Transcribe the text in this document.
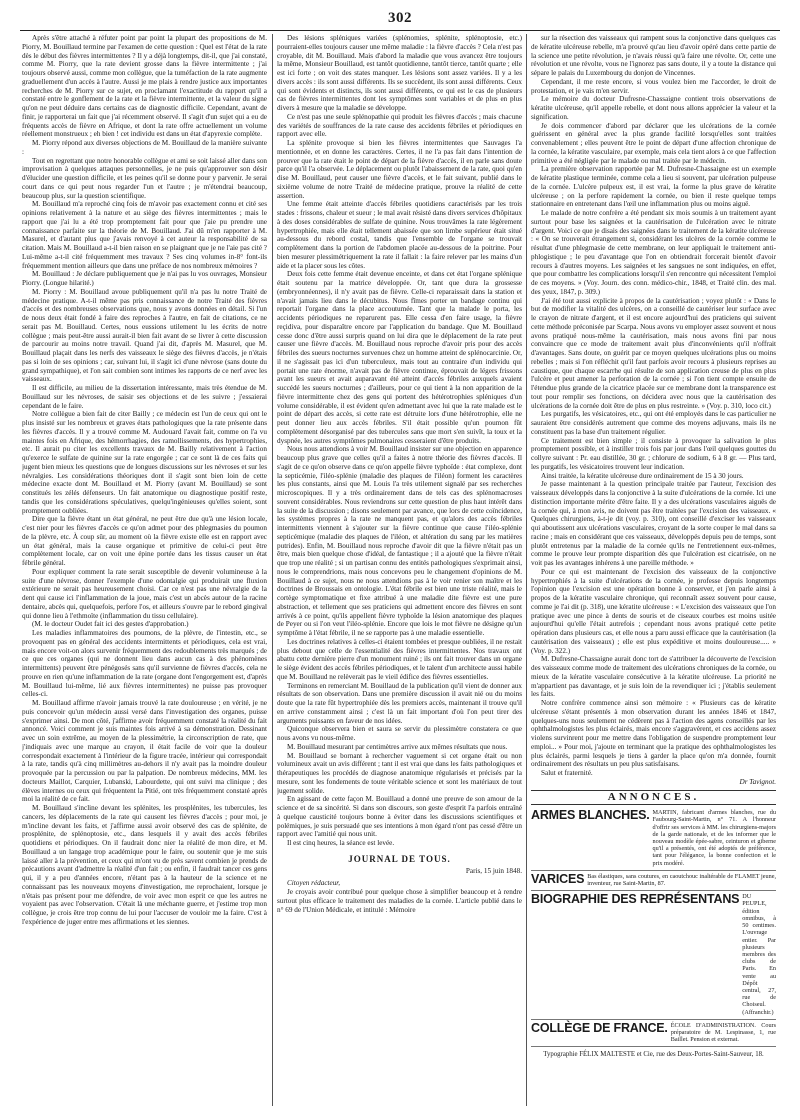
302

Après s'être attaché à réfuter point par point la plupart des propositions de M. Piorry, M. Bouillaud termine par l'examen de cette question : Quel est l'état de la rate dès le début des fièvres intermittentes ? Il y a déjà longtemps, dit-il, que j'ai constaté, comme M. Piorry, que la rate devient grosse dans la fièvre intermittente ; j'ai toujours observé aussi, comme mon collègue, que la tuméfaction de la rate augmente graduellement d'un accès à l'autre. Aussi je me plais à rendre justice aux importantes recherches de M. Piorry sur ce sujet, en proclamant l'exactitude du rapport qu'il a constaté entre le gonflement de la rate et la fièvre intermittente, et la valeur du signe qu'on ne peut déduire dans certains cas de diagnostic difficile. Cependant, avant de finir, je rapporterai un fait que j'ai récemment observé. Il s'agit d'un sujet qui a eu de fréquents accès de fièvre en Afrique, et dont la rate offre actuellement un volume réellement monstrueux ; eh bien ! cet individu est dans un état d'apyrexie complète.

M. Piorry répond aux diverses objections de M. Bouillaud de la manière suivante :

Tout en regrettant que notre honorable collègue et ami se soit laissé aller dans son improvisation à quelques attaques personnelles, je ne puis qu'approuver son désir d'élucider une question difficile, et les peines qu'il se donne pour y parvenir. Je serai court dans ce qui peut nous regarder l'un et l'autre ; je m'étendrai beaucoup, beaucoup plus, sur la question scientifique.

M. Bouillaud m'a reproché cinq fois de m'avoir pas exactement connu et cité ses opinions relativement à la nature et au siège des fièvres intermittentes ; mais le rapport que j'ai lu a été trop promptement fait pour que j'aie pu prendre une connaissance parfaite sur la théorie de M. Bouillaud. J'ai dû m'en rapporter à M. Masurel, et d'autant plus que j'avais renvoyé à cet auteur la responsabilité de sa citation. Mais M. Bouillaud a-t-il bien raison en se plaignant que je ne l'aie pas cité ? Lui-même a-t-il cité fréquemment mes travaux ? Ses cinq volumes in-8° font-ils fréquemment mention ailleurs que dans une préface de nos nombreux mémoires ?

M. Bouillaud : Je déclare publiquement que je n'ai pas lu vos ouvrages, Monsieur Piorry. (Longue hilarité.)

M. Piorry : M. Bouillaud avoue publiquement qu'il n'a pas lu notre Traité de médecine pratique. A-t-il même pas pris connaissance de notre Traité des fièvres d'accès et des nombreuses observations que, nous y avons données en détail. Si l'un de nous deux était fondé à faire des reproches à l'autre, en fait de citations, ce ne serait pas M. Bouillaud. Certes, nous eussions utilement lu les écrits de notre collègue ; mais peut-être aussi aurait-il bien fait avant de se livrer à cette discussion de parcourir au moins notre travail. Quand j'ai dit, d'après M. Masurel, que M. Bouillaud plaçait dans les nerfs des vaisseaux le siège des fièvres d'accès, je n'étais pas si loin de ses opinions ; car, suivant lui, il s'agit ici d'une névrose (sans doute du grand sympathique), et l'on sait combien sont intimes les rapports de ce nerf avec les vaisseaux.

Il est difficile, au milieu de la dissertation intéressante, mais très étendue de M. Bouillaud sur les névroses, de saisir ses objections et de les suivre ; j'essaierai cependant de le faire.

Notre collègue a bien fait de citer Bailly ; ce médecin est l'un de ceux qui ont le plus insisté sur les nombreux et graves états pathologiques que la rate présente dans les fièvres d'accès. Il y a trouvé comme M. Audouard l'avait fait, comme on l'a vu maintes fois en Afrique, des hémorrhagies, des ramollissements, des hypertrophies, etc. Il aurait pu citer les excellents travaux de M. Bailly relativement à l'action qu'exerce le sulfate de quinine sur la rate engorgée ; car ce sont là de ces faits qui jugent bien mieux les questions que de longues discussions sur les névroses et sur les névralgies. Les considérations théoriques dont il s'agit sont bien loin de cette médecine exacte dont M. Bouillaud et M. Piorry (avant M. Bouillaud) se sont constitués les zélés défenseurs. Un fait anatomique ou diagnostique positif reste, tandis que les considérations spéculatives, quelqu'ingénieuses qu'elles soient, sont promptement oubliées.

Dire que la fièvre étant un état général, ne peut être due qu'à une lésion locale, c'est nier pour les fièvres d'accès ce qu'on admet pour des phlegmasies du poumon de la plèvre, etc. À coup sûr, au moment où la fièvre existe elle est en rapport avec un état général, mais la cause organique et primitive de celui-ci peut être complètement locale, car on voit une épine portée dans les tissus causer un état fébrile général.

Pour expliquer comment la rate serait susceptible de devenir volumineuse à la suite d'une névrose, donner l'exemple d'une odontalgie qui produirait une fluxion extérieure ne serait pas heureusement choisi. Car ce n'est pas une névralgie de la dent qui cause ici l'inflammation de la joue, mais c'est un abcès autour de la racine dentaire, abcès qui, quelquefois, perfore l'os, et ailleurs s'ouvre par le rebord gingival qui donne lieu à l'ethmoïte (inflammation du tissu cellulaire).

(M. le docteur Oudet fait ici des gestes d'approbation.)

Les maladies inflammatoires des poumons, de la plèvre, de l'intestin, etc., se provoquent pas en général des accidents intermittents et périodiques, cela est vrai, mais encore voit-on alors survenir fréquemment des redoublements très marqués ; de ce que ces organes (qui ne donnent lieu dans aucun cas à des phénomènes intermittents) peuvent être pénégosés sans qu'il survienne de fièvres d'accès, cela ne prouve en rien qu'une inflammation de la rate (organe dont l'engorgement est, d'après M. Bouillaud lui-même, lié aux fièvres intermittentes) ne puisse pas provoquer celles-ci.

M. Bouillaud affirme n'avoir jamais trouvé la rate douloureuse ; en vérité, je ne puis concevoir qu'un médecin aussi versé dans l'investigation des organes, puisse s'exprimer ainsi. De mon côté, j'affirme avoir fréquemment constaté la réalité du fait annoncé. Voici comment je suis maintes fois arrivé à sa démonstration. Dessinant avec un soin extrême, au moyen de la plessimétrie, la circonscription de rate, que j'indiquais avec une marque au crayon, il était facile de voir que la douleur correspondait exactement à l'intérieur de la figure tracée, intérieur qui correspondait à la rate, tandis qu'à cinq millimètres au-dehors il n'y avait pas la moindre douleur provoquée par la percussion ou par la palpation. De nombreux médecins, MM. les docteurs Maillot, Carquier, Lubanski, Labourdette, qui ont suivi ma clinique ; des élèves internes ou ceux qui fréquentent la Pitié, ont très fréquemment constaté après moi la réalité de ce fait.

M. Bouillaud s'incline devant les splénites, les prosplénites, les tubercules, les cancers, les déplacements de la rate qui causent les fièvres d'accès ; pour moi, je m'incline devant les faits, et j'affirme aussi avoir observé des cas de splénite, de prosplénite, de splénoptosie, etc., dans lesquels il y avait des accès fébriles quotidiens et périodiques. On il faudrait donc nier la réalité de mon dire, et M. Bouillaud a un langage trop académique pour le faire, ou soutenir que je me suis laissé aller à la prévention, et ceux qui m'ont vu de près savent combien je prends de précautions avant d'admettre la réalité d'un fait ; ou enfin, il faudrait tancer ces gens qui, il y a peu d'années encore, n'étant pas à la hauteur de la science et ne connaissant pas les nouveaux moyens d'investigation, me reprochaient, lorsque je n'étais pas présent pour me défendre, de voir avec mon esprit ce que les autres ne voyaient pas avec l'observation. C'était là une méchante guerre, et j'estime trop mon collègue, je crois être trop connu de lui pour l'accuser de vouloir me la faire. C'est à l'expérience de juger entre mes affirmations et les siennes.

Des lésions spléniques variées (splénomies, splénite, splénoptosie, etc.) pourraient-elles toujours causer une même maladie : la fièvre d'accès ? Cela n'est pas croyable, dit M. Bouillaud. Mais d'abord la maladie que vous avancez être toujours la même, Monsieur Bouillaud, est tantôt quotidienne, tantôt tierce, tantôt quarte ; elle est ici forte ; on voit des states manquer. Les lésions sont assez variées. Il y a les divers accès : ils sont aussi différents. Ils se succèdent, ils sont aussi différents. Ceux qui sont évidents et distincts, ils sont aussi différents, ce qui est le cas de plusieurs cas de fièvres intermittentes dont les symptômes sont variables et de plus en plus divers à mesure que la maladie se développe.

Ce n'est pas une seule splénopathie qui produit les fièvres d'accès ; mais chacune des variétés de souffrances de la rate cause des accidents fébriles et périodiques en rapport avec elle.

La splénite provoque si bien les fièvres intermittentes que Sauvages l'a mentionnée, et en donne les caractères. Certes, il ne l'a pas fait dans l'intention de prouver que la rate était le point de départ de la fièvre d'accès, il en parle sans doute parce qu'il l'a observée. Le déplacement ou plutôt l'abaissement de la rate, quoi qu'en dise M. Bouillaud, peut causer une fièvre d'accès, et le fait suivant, publié dans le sixième volume de notre Traité de médecine pratique, prouve la réalité de cette assertion.

Une femme était atteinte d'accès fébriles quotidiens caractérisés par les trois stades : frissons, chaleur et sueur ; le mal avait résisté dans divers services d'hôpitaux à des doses considérables de sulfate de quinine. Nous trouvâmes la rate légèrement hypertrophiée, mais elle était tellement abaissée que son limbe supérieur était situé au-dessous du rebord costal, tandis que l'ensemble de l'organe se trouvait complètement dans la portion de l'abdomen placée au-dessous de la poitrine. Pour bien mesurer plessimétriquement la rate il fallait : la faire relever par les mains d'un aide et la placer sous les côtes.

Deux fois cette femme était devenue enceinte, et dans cet état l'organe splénique était soutenu par la matrice développée. Or, tant que dura la grossesse (embryonnéennes), il n'y avait pas de fièvre. Celle-ci reparaissait dans la station et n'avait jamais lieu dans le décubitus. Nous fîmes porter un bandage continu qui reportait l'organe dans la place accoutumée. Tant que la malade le porta, les accidents périodiques ne reparurent pas. Elle cessa d'en faire usage, la fièvre reçidiva, pour disparaître encore par l'application du bandage. Que M. Bouillaud cesse donc d'être aussi surpris quand on lui dira que le déplacement de la rate peut causer une fièvre d'accès. M. Bouillaud nous reproche d'avoir pris pour des accès fébriles des sueurs nocturnes survenues chez un homme atteint de splénocarcinie. Or, il ne s'agissait pas ici d'un tuberculeux, mais tout au contraire d'un individu qui portait une rate énorme, n'avait pas de fièvre continue, éprouvait de légers frissons avant les sueurs et avait auparavant été atteint d'accès fébriles auxquels avaient succédé les sueurs nocturnes ; d'ailleurs, pour ce qui tient à la non apparition de la fièvre intermittente chez des gens qui portent des hétérotrophies spléniques d'un volume considérable, il est évident qu'en admettant avec lui que la rate malade est le point de départ des accès, si cette rate est détruite lors d'une hétérotrophie, elle ne peut donner lieu aux accès fébriles. S'il était possible qu'un poumon fût complètement désorganisé par des tubercules sans que mort s'en suivît, la toux et la dyspnée, les autres symptômes pulmonaires cesseraient d'être produits.

Nous nous attendions à voir M. Bouillaud insister sur une objection en apparence beaucoup plus grave que celles qu'il a faites à notre théorie des fièvres d'accès. Il s'agit de ce qu'on observe dans ce qu'on appelle fièvre typhoïde : état complexe, dont la septicémie, l'iléo-splénie (maladie des plaques de l'iléon) forment les caractères les plus constants, ainsi que M. Louis l'a très utilement signalé par ses recherches microscopiques. Il y a très ordinairement dans de tels cas des splénomacroses souvent considérables. Nous reviendrons sur cette question de plus haut intérêt dans la suite de la discussion ; disons seulement par avance, que lors de cette coïncidence, les systèmes propres à la rate ne manquent pas, et qu'alors des accès fébriles intermittents viennent à s'ajouter sur la fièvre continue que cause l'iléo-splénie septicémique (maladie des plaques de l'iléon, et altération du sang par les matières putrides). Enfin, M. Bouillaud nous reproche d'avoir dit que la fièvre n'était pas un être, mais bien quelque chose d'idéal, de fantastique ; il a ajouté que la fièvre n'était que trop une réalité ; si un partisan connu des entités pathologiques s'exprimait ainsi, nous le comprendrions, mais nous concevons peu le changement d'opinions de M. Bouillaud à ce sujet, nous ne nous attendions pas à le voir renier son maître et les doctrines de Broussais en ontologie. L'état fébrile est bien une triste réalité, mais le cortège symptomatique et fixe attribué à une maladie dite fièvre est une pure abstraction, et tellement que ses praticiens qui admettent encore des fièvres en sont arrivés à ce point, qu'ils appellent fièvre typhoïde la lésion anatomique des plaques de Peyer ou si l'on veut l'iléo-splénie. Encore que lois le mot fièvre ne désigne qu'un symptôme à l'état fébrile, il ne se rapporte pas à une maladie essentielle.

Les doctrines relatives à celles-ci étaient tombées et presque oubliées, il ne restait plus debout que celle de l'essentialité des fièvres intermittentes. Nos travaux ont abattu cette dernière pierre d'un monument ruiné ; ils ont fait trouver dans un organe le siège évident des accès fébriles périodiques, et le talent d'un architecte aussi habile que M. Bouillaud ne relèverait pas le vieil édifice des fièvres essentielles.

Terminons en remerciant M. Bouillaud de la publication qu'il vient de donner aux résultats de son observation. Dans une première discussion il avait nié ou du moins doute que la rate fût hypertrophiée dès les premiers accès, maintenant il trouve qu'il en arrive constamment ainsi ; c'est là un fait important d'où l'on peut tirer des arguments puissants en faveur de nos idées.

Quiconque observera bien et saura se servir du plessimètre constatera ce que nous avons vu nous-même.

M. Bouillaud mesurant par centimètres arrive aux mêmes résultats que nous.

M. Bouillaud se bornant à rechercher vaguement si cet organe était ou non volumineux avait un avis différent ; tant il est vrai que dans les faits pathologiques et thérapeutiques les procédés de diagnose anatomique régularisés et précisés par la mesure, sont les fondements de toute véritable science et sont les matériaux de tout jugement solide.

En agissant de cette façon M. Bouillaud a donné une preuve de son amour de la science et de sa sincérité. Si dans son discours, son geste d'esprit l'a parfois entraîné à quelque causticité toujours bonne à éviter dans les discussions scientifiques et polémiques, je suis persuadé que ses intentions à mon égard n'ont pas cessé d'être un rapport avec l'amitié qui nous unit.

Il est cinq heures, la séance est levée.

JOURNAL DE TOUS.
Paris, 15 juin 1848.
Citoyen rédacteur,

Je croyais avoir contribué pour quelque chose à simplifier beaucoup et à rendre surtout plus efficace le traitement des maladies de la cornée. L'article publié dans le n° 69 de l'Union Médicale, et intitulé : Mémoire

sur la résection des vaisseaux qui rampent sous la conjonctive dans quelques cas de kératite ulcéreuse rebelle, m'a prouvé qu'au lieu d'avoir opéré dans cette partie de la science une petite révolution, je n'avais réussi qu'à faire une révolte. Or, cette une révolution et une révolte, vous ne l'ignorez pas sans doute, il y a toute la distance qui sépare le palais du Luxembourg du donjon de Vincennes.

Cependant, il me reste encore, si vous voulez bien me l'accorder, le droit de protestation, et je vais m'en servir.

Le mémoire du docteur Dufresne-Chassaigne contient trois observations de kératite ulcéreuse, qu'il appelle rebelle, et dont nous allons apprécier la valeur et la signification.

Je dois commencer d'abord par déclarer que les ulcérations de la cornée guérissent en général avec la plus grande facilité lorsqu'elles sont traitées convenablement ; elles peuvent être le point de départ d'une affection chronique de la cornée, la kératite vasculaire, par exemple, mais cela tient alors à ce que l'affection primitive a été négligée par le malade ou mal traitée par le médecin.

La première observation rapportée par M. Dufresne-Chassaigne est un exemple de kératite plastique terminée, comme cela a lieu si souvent, par ulcération pulpeuse de la cornée. L'ulcère pulpeux est, il est vrai, la forme la plus grave de kératite ulcéreuse ; on la perfore rapidement la cornée, ou bien il reste quelque temps stationnaire en entretenant dans l'œil une inflammation plus ou moins aiguë.

Le malade de notre confrère a été pendant six mois soumis à un traitement ayant surtout pour base les saignées et la cautérisation de l'ulcération avec le nitrate d'argent. Voici ce que je disais des saignées dans le traitement de la kératite ulcéreuse : « On se trouverait étrangement si, considérant les ulcères de la cornée comme le résultat d'une phlegmasie de cette membrane, on leur appliquait le traitement anti-phlogistique ; le peu d'avantage que l'on en obtiendrait forcerait bientôt d'avoir recours à d'autres moyens. Les saignées et les sangsues ne sont indiquées, en effet, que pour combattre les complications lorsqu'il s'en rencontre qui nécessitent l'emploi de ces moyens. » (Voy. Journ. des conn. médico-chir., 1848, et Traité clin. des mal. des yeux, 1847, p. 309.)

J'ai été tout aussi explicite à propos de la cautérisation ; voyez plutôt : « Dans le but de modifier la vitalité des ulcères, on a conseillé de cautériser leur surface avec le crayon de nitrate d'argent, et il est encore aujourd'hui des praticiens qui suivent cette méthode préconisée par Scarpa. Nous avons vu employer assez souvent et nous avons pratiqué nous-même la cautérisation, mais nous avons fini par nous convaincre que ce mode de traitement avait plus d'inconvénients qu'il n'offrait d'avantages. Sans doute, on guérit par ce moyen quelques ulcérations plus ou moins rebelles ; mais si l'on réfléchit qu'il faut parfois avoir recours à plusieurs reprises au caustique, que chaque escarrhe qui résulte de son application creuse de plus en plus l'ulcère et peut amener la perforation de la cornée ; si l'on tient compte ensuite de l'étendue plus grande de la cicatrice placée sur ce membrane dont la transparence est tout pour remplir ses fonctions, on décidera avec nous que la cautérisation des ulcérations de la cornée doit être de plus en plus restreinte. » (Voy. p. 310, loco cit.)

Les purgatifs, les vésicatoires, etc., qui ont été employés dans le cas particulier ne sauraient être considérés autrement que comme des moyens adjuvans, mais ils ne constituent pas la base d'un traitement régulier.

Ce traitement est bien simple ; il consiste à provoquer la salivation le plus promptement possible, et à instiller trois fois par jour dans l'œil quelques gouttes du collyre suivant : Pr. eau distillée, 30 gr. ; chlorure de sodium, 6 à 8 gr. — Plus tard, les purgatifs, les vésicatoires trouvent leur indication.

Ainsi traitée, la kératite ulcéreuse dure ordinairement de 15 à 30 jours.

Je passe maintenant à la question principale traitée par l'auteur, l'excision des vaisseaux développés dans la conjonctive à la suite d'ulcérations de la cornée. Ici une distinction importante mérite d'être faite. Il y a des ulcérations vasculaires aiguës de la cornée qui, à mon avis, ne doivent pas être traitées par l'excision des vaisseaux. « Quelques chirurgiens, à-t-je dit (voy. p. 310), ont conseillé d'exciser les vaisseaux qui aboutissent aux ulcérations vasculaires, croyant de la sorte couper le mal dans sa racine ; mais en considérant que ces vaisseaux, développés depuis peu de temps, sont plutôt entretenus par la maladie de la cornée qu'ils ne l'entretiennent eux-mêmes, comme le prouve leur prompte disparition dès que l'ulcération est cicatrisée, on ne voit pas les avantages inhérens à une pareille méthode. »

Pour ce qui est maintenant de l'excision des vaisseaux de la conjonctive hypertrophiés à la suite d'ulcérations de la cornée, je professe depuis longtemps l'opinion que l'excision est une opération bonne à conserver, et j'en parle ainsi à propos de la kératite vasculaire chronique, qui reconnaît assez souvent pour cause, comme je l'ai dit (p. 318), une kératite ulcéreuse : « L'excision des vaisseaux que l'on pratique avec une pince à dents de souris et de ciseaux courbes est moins usitée aujourd'hui qu'elle l'était autrefois ; cependant nous avons pratiqué cette petite opération dans plusieurs cas, et elle nous a paru aussi efficace que la cautérisation (la cautérisation des vaisseaux) ; elle est plus expéditive et moins douloureuse..... » (Voy. p. 322.)

M. Dufresne-Chassaigne aurait donc tort de s'attribuer la découverte de l'excision des vaisseaux comme mode de traitement des ulcérations chroniques de la cornée, ou mieux de la kératite vasculaire consécutive à la kératite ulcéreuse. La priorité ne m'appartient pas davantage, et je suis loin de la revendiquer ici ; j'établis seulement les faits.

Notre confrère commence ainsi son mémoire : « Plusieurs cas de kératite ulcéreuse s'étant présentés à mon observation durant les années 1846 et 1847, quelques-uns nous seulement ne cédèrent pas à l'action des agens conseillés par les ophthalmologistes les plus éclairés, mais encore s'aggravèrent, et ces accidens assez violens survinrent pour me mettre dans l'obligation de suspendre promptement leur emploi... » Pour moi, j'ajoute en terminant que la pratique des ophthalmologistes les plus éclairés, parmi lesquels je tiens à garder la place qu'on m'a donnée, fournit ordinairement des résultats un peu plus satisfaisans.

Salut et fraternité.

Dr Tavignot.
ANNONCES.
ARMES BLANCHES. MARTIN, fabricant d'armes blanches, rue du Faubourg-Saint-Martin, n° 71. A l'honneur d'offrir ses services à MM. les chirurgiens-majors de la garde nationale, et de les informer que le nouveau modèle épée-sabre, ceinturon et giberne qu'il a présentés, ont été adoptés de préférence, tant pour l'élégance, la bonne confection et le prix modéré.
VARICES Bas élastiques, sans coutures, en caoutchouc inaltérable de FLAMET jeune, inventeur, rue Saint-Martin, 87.
BIOGRAPHIE DES REPRÉSENTANS DU PEUPLE, édition omnibus, à 50 centimes. L'ouvrage entier. Par plusieurs membres des clubs de Paris. En vente au Dépôt central, 27, rue de Choiseul. (Affranchir.)
COLLÈGE DE FRANCE. ÉCOLE D'ADMINISTRATION. Cours préparatoire de M. Lespinasse, 1, rue Baillet. Pension et externat.
Typographie FÉLIX MALTESTE et Cie, rue des Deux-Portes-Saint-Sauveur, 18.
